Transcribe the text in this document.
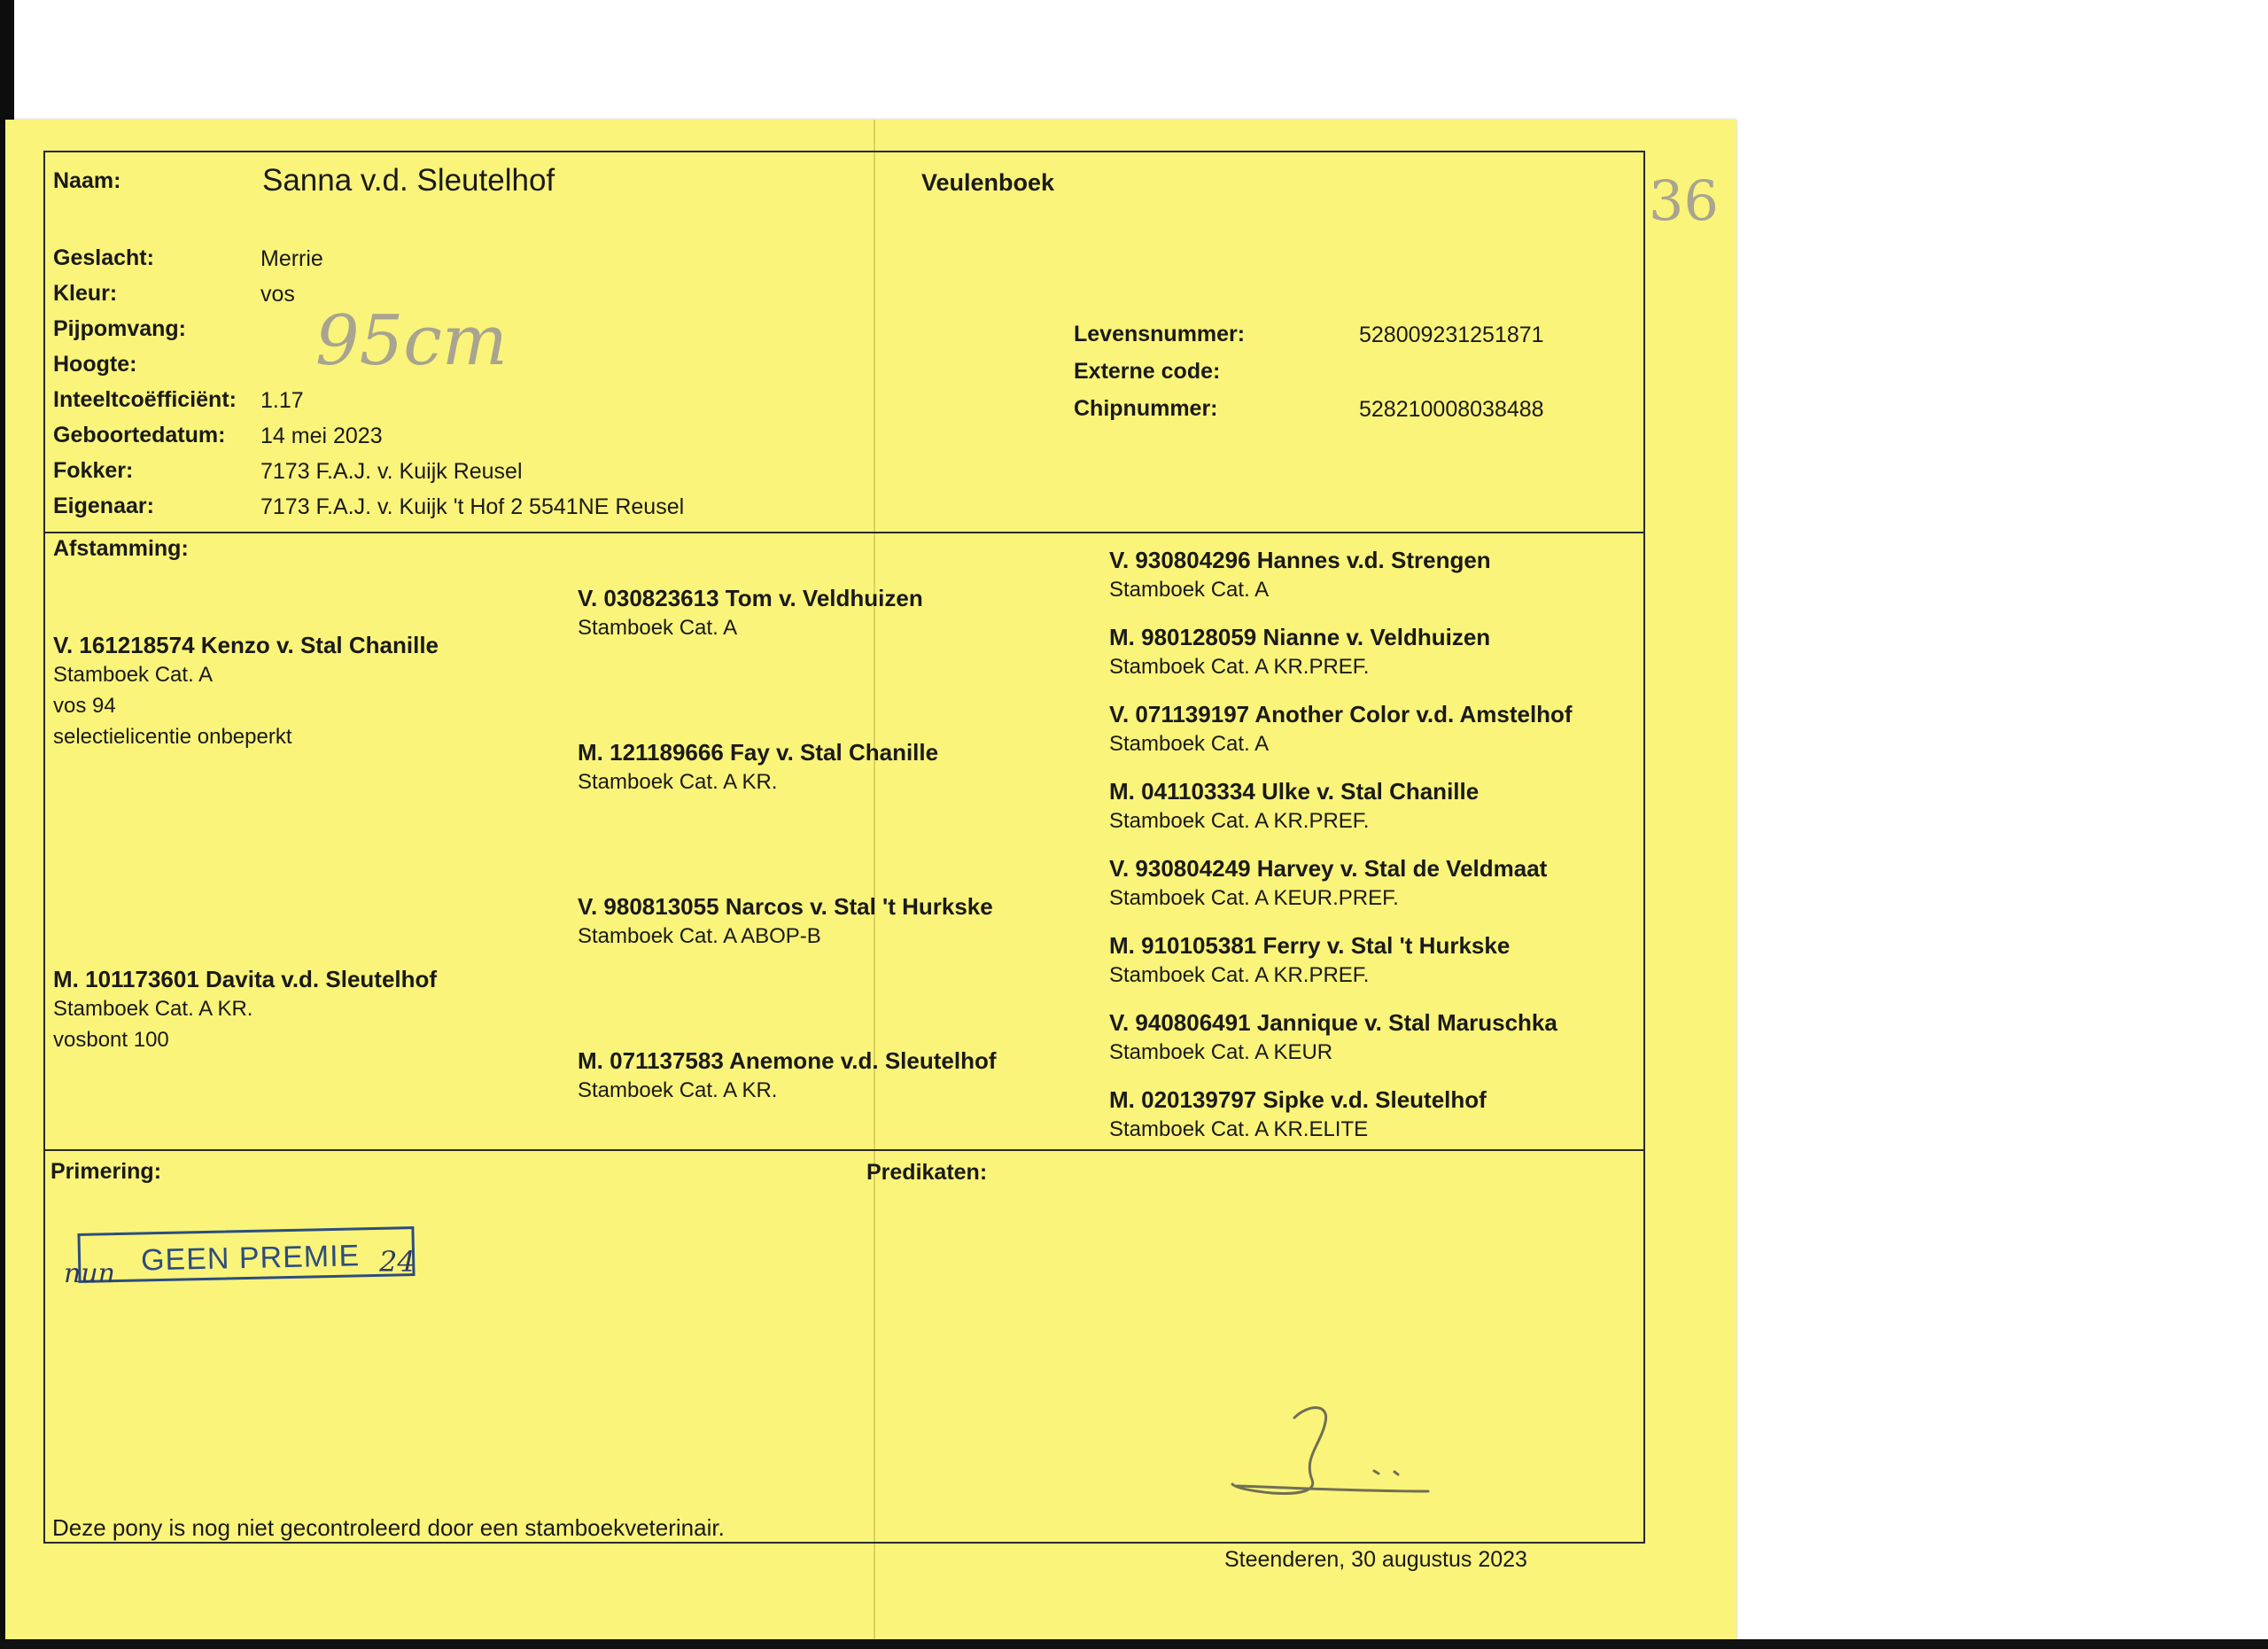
Naam:	Sanna v.d. Sleutelhof	Veulenboek	36
Geslacht:	Merrie
Kleur:	vos
Pijpomvang:
Hoogte:	95cm
Inteeltcoëfficiënt: 1.17
Geboortedatum: 14 mei 2023
Fokker:	7173 F.A.J. v. Kuijk Reusel
Eigenaar:	7173 F.A.J. v. Kuijk 't Hof 2 5541NE Reusel
Levensnummer:	528009231251871
Externe code:
Chipnummer:	528210008038488
Afstamming:
V. 161218574 Kenzo v. Stal Chanille
Stamboek Cat. A
vos 94
selectielicentie onbeperkt
M. 101173601 Davita v.d. Sleutelhof
Stamboek Cat. A KR.
vosbont 100
V. 030823613 Tom v. Veldhuizen
Stamboek Cat. A
M. 121189666 Fay v. Stal Chanille
Stamboek Cat. A KR.
V. 980813055 Narcos v. Stal 't Hurkske
Stamboek Cat. A ABOP-B
M. 071137583 Anemone v.d. Sleutelhof
Stamboek Cat. A KR.
V. 930804296 Hannes v.d. Strengen
Stamboek Cat. A
M. 980128059 Nianne v. Veldhuizen
Stamboek Cat. A KR.PREF.
V. 071139197 Another Color v.d. Amstelhof
Stamboek Cat. A
M. 041103334 Ulke v. Stal Chanille
Stamboek Cat. A KR.PREF.
V. 930804249 Harvey v. Stal de Veldmaat
Stamboek Cat. A KEUR.PREF.
M. 910105381 Ferry v. Stal 't Hurkske
Stamboek Cat. A KR.PREF.
V. 940806491 Jannique v. Stal Maruschka
Stamboek Cat. A KEUR
M. 020139797 Sipke v.d. Sleutelhof
Stamboek Cat. A KR.ELITE
Primering:	Predikaten:
GEEN PREMIE
nun	24
Deze pony is nog niet gecontroleerd door een stamboekveterinair.
Steenderen, 30 augustus 2023
